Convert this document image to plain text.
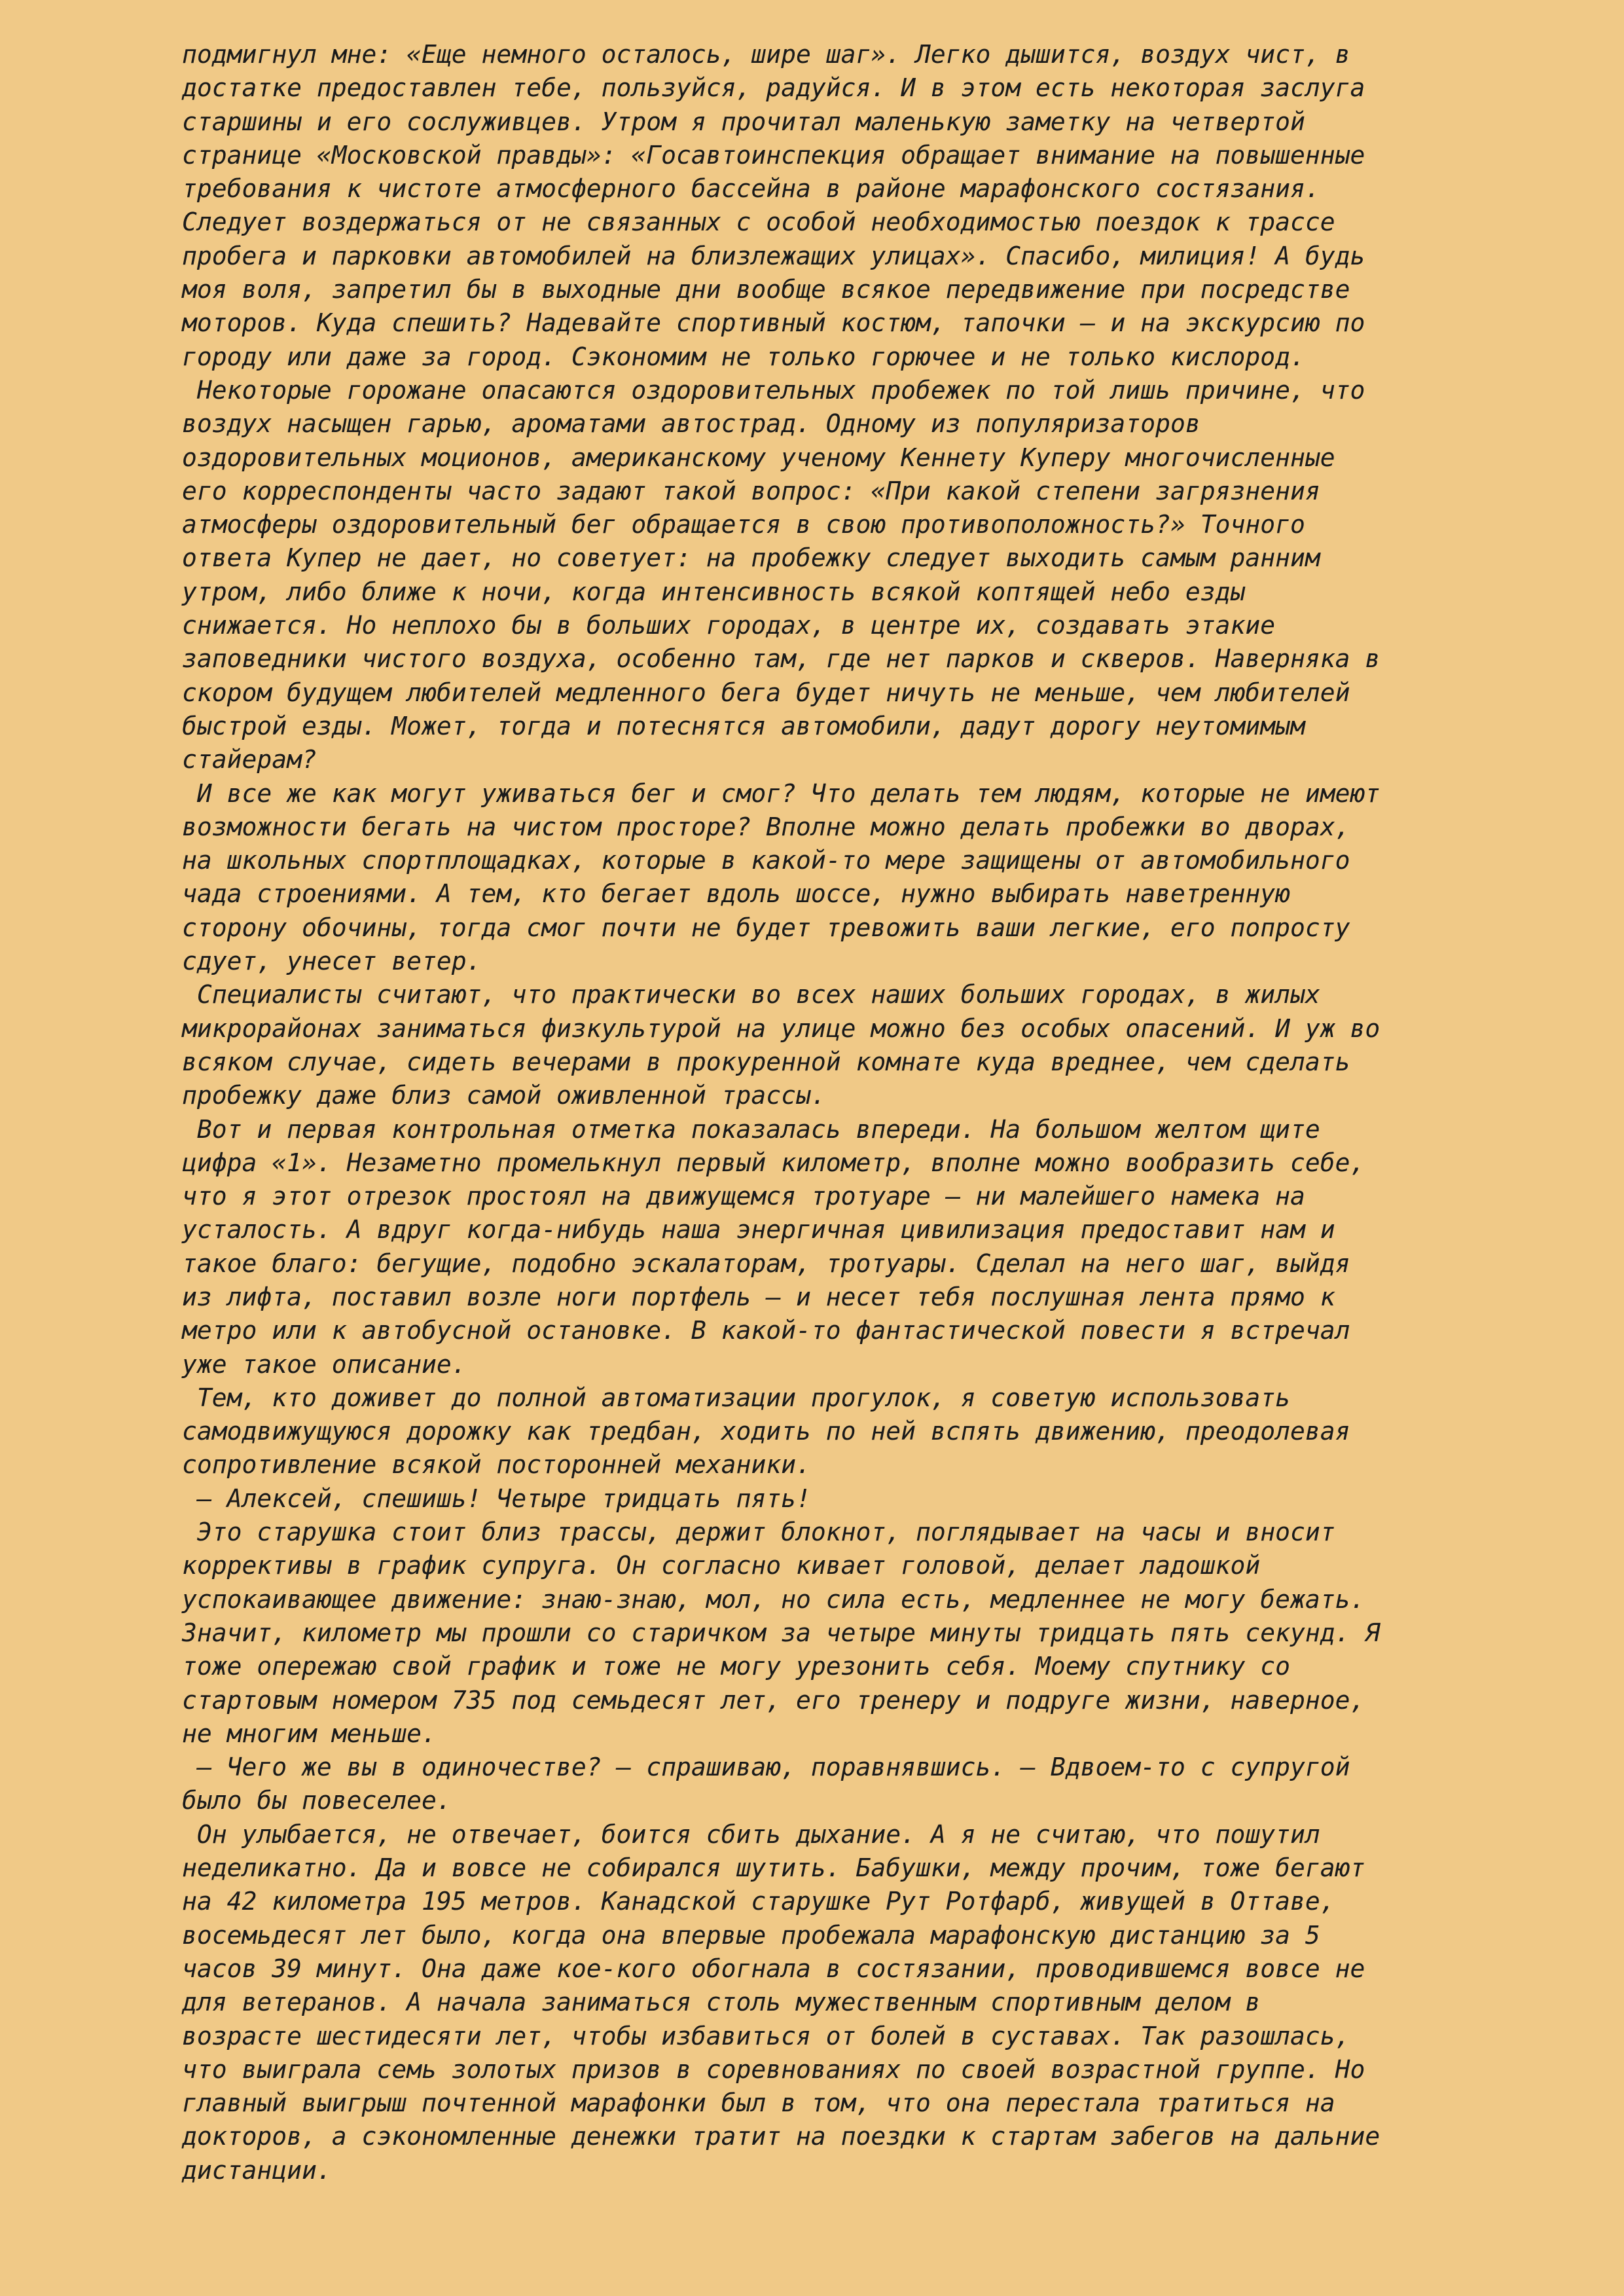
подмигнул мне: «Еще немного осталось, шире шаг». Легко дышится, воздух чист, в
достатке предоставлен тебе, пользуйся, радуйся. И в этом есть некоторая заслуга
старшины и его сослуживцев. Утром я прочитал маленькую заметку на четвертой
странице «Московской правды»: «Госавтоинспекция обращает внимание на повышенные
требования к чистоте атмосферного бассейна в районе марафонского состязания.
Следует воздержаться от не связанных с особой необходимостью поездок к трассе
пробега и парковки автомобилей на близлежащих улицах». Спасибо, милиция! А будь
моя воля, запретил бы в выходные дни вообще всякое передвижение при посредстве
моторов. Куда спешить? Надевайте спортивный костюм, тапочки – и на экскурсию по
городу или даже за город. Сэкономим не только горючее и не только кислород.
Некоторые горожане опасаются оздоровительных пробежек по той лишь причине, что
воздух насыщен гарью, ароматами автострад. Одному из популяризаторов
оздоровительных моционов, американскому ученому Кеннету Куперу многочисленные
его корреспонденты часто задают такой вопрос: «При какой степени загрязнения
атмосферы оздоровительный бег обращается в свою противоположность?» Точного
ответа Купер не дает, но советует: на пробежку следует выходить самым ранним
утром, либо ближе к ночи, когда интенсивность всякой коптящей небо езды
снижается. Но неплохо бы в больших городах, в центре их, создавать этакие
заповедники чистого воздуха, особенно там, где нет парков и скверов. Наверняка в
скором будущем любителей медленного бега будет ничуть не меньше, чем любителей
быстрой езды. Может, тогда и потеснятся автомобили, дадут дорогу неутомимым
стайерам?
И все же как могут уживаться бег и смог? Что делать тем людям, которые не имеют
возможности бегать на чистом просторе? Вполне можно делать пробежки во дворах,
на школьных спортплощадках, которые в какой-то мере защищены от автомобильного
чада строениями. А тем, кто бегает вдоль шоссе, нужно выбирать наветренную
сторону обочины, тогда смог почти не будет тревожить ваши легкие, его попросту
сдует, унесет ветер.
Специалисты считают, что практически во всех наших больших городах, в жилых
микрорайонах заниматься физкультурой на улице можно без особых опасений. И уж во
всяком случае, сидеть вечерами в прокуренной комнате куда вреднее, чем сделать
пробежку даже близ самой оживленной трассы.
Вот и первая контрольная отметка показалась впереди. На большом желтом щите
цифра «1». Незаметно промелькнул первый километр, вполне можно вообразить себе,
что я этот отрезок простоял на движущемся тротуаре – ни малейшего намека на
усталость. А вдруг когда-нибудь наша энергичная цивилизация предоставит нам и
такое благо: бегущие, подобно эскалаторам, тротуары. Сделал на него шаг, выйдя
из лифта, поставил возле ноги портфель – и несет тебя послушная лента прямо к
метро или к автобусной остановке. В какой-то фантастической повести я встречал
уже такое описание.
Тем, кто доживет до полной автоматизации прогулок, я советую использовать
самодвижущуюся дорожку как тредбан, ходить по ней вспять движению, преодолевая
сопротивление всякой посторонней механики.
– Алексей, спешишь! Четыре тридцать пять!
Это старушка стоит близ трассы, держит блокнот, поглядывает на часы и вносит
коррективы в график супруга. Он согласно кивает головой, делает ладошкой
успокаивающее движение: знаю-знаю, мол, но сила есть, медленнее не могу бежать.
Значит, километр мы прошли со старичком за четыре минуты тридцать пять секунд. Я
тоже опережаю свой график и тоже не могу урезонить себя. Моему спутнику со
стартовым номером 735 под семьдесят лет, его тренеру и подруге жизни, наверное,
не многим меньше.
– Чего же вы в одиночестве? – спрашиваю, поравнявшись. – Вдвоем-то с супругой
было бы повеселее.
Он улыбается, не отвечает, боится сбить дыхание. А я не считаю, что пошутил
неделикатно. Да и вовсе не собирался шутить. Бабушки, между прочим, тоже бегают
на 42 километра 195 метров. Канадской старушке Рут Ротфарб, живущей в Оттаве,
восемьдесят лет было, когда она впервые пробежала марафонскую дистанцию за 5
часов 39 минут. Она даже кое-кого обогнала в состязании, проводившемся вовсе не
для ветеранов. А начала заниматься столь мужественным спортивным делом в
возрасте шестидесяти лет, чтобы избавиться от болей в суставах. Так разошлась,
что выиграла семь золотых призов в соревнованиях по своей возрастной группе. Но
главный выигрыш почтенной марафонки был в том, что она перестала тратиться на
докторов, а сэкономленные денежки тратит на поездки к стартам забегов на дальние
дистанции.
